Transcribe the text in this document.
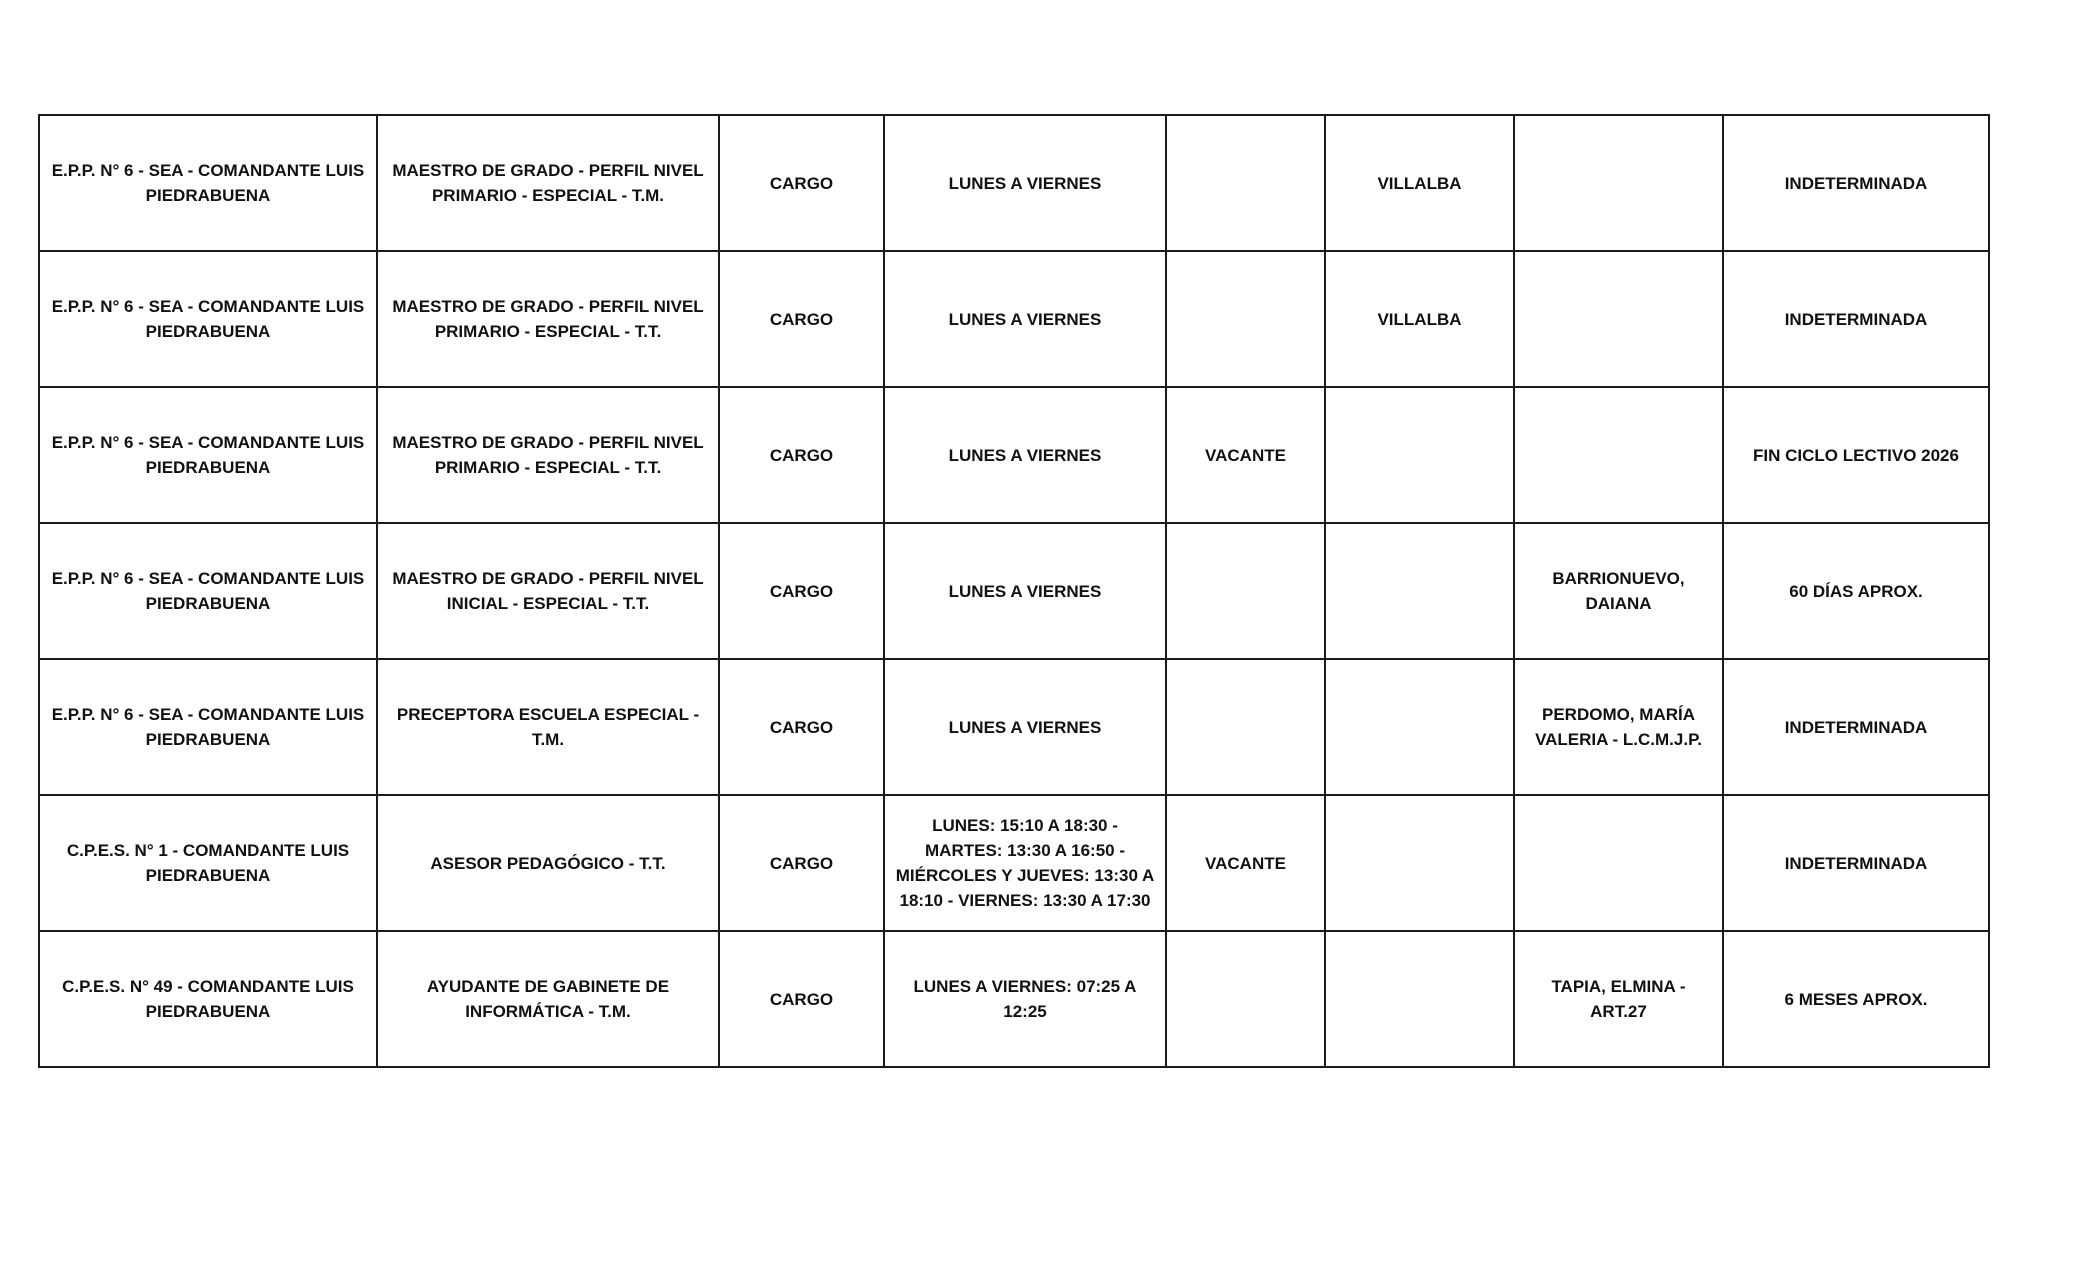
E.P.P. N° 6 - SEA - COMANDANTE LUIS PIEDRABUENA	MAESTRO DE GRADO - PERFIL NIVEL PRIMARIO - ESPECIAL - T.M.	CARGO	LUNES A VIERNES		VILLALBA		INDETERMINADA
E.P.P. N° 6 - SEA - COMANDANTE LUIS PIEDRABUENA	MAESTRO DE GRADO - PERFIL NIVEL PRIMARIO - ESPECIAL - T.T.	CARGO	LUNES A VIERNES		VILLALBA		INDETERMINADA
E.P.P. N° 6 - SEA - COMANDANTE LUIS PIEDRABUENA	MAESTRO DE GRADO - PERFIL NIVEL PRIMARIO - ESPECIAL - T.T.	CARGO	LUNES A VIERNES	VACANTE			FIN CICLO LECTIVO 2026
E.P.P. N° 6 - SEA - COMANDANTE LUIS PIEDRABUENA	MAESTRO DE GRADO - PERFIL NIVEL INICIAL - ESPECIAL - T.T.	CARGO	LUNES A VIERNES			BARRIONUEVO, DAIANA	60 DÍAS APROX.
E.P.P. N° 6 - SEA - COMANDANTE LUIS PIEDRABUENA	PRECEPTORA ESCUELA ESPECIAL - T.M.	CARGO	LUNES A VIERNES			PERDOMO, MARÍA VALERIA - L.C.M.J.P.	INDETERMINADA
C.P.E.S. N° 1 - COMANDANTE LUIS PIEDRABUENA	ASESOR PEDAGÓGICO - T.T.	CARGO	LUNES: 15:10 A 18:30 - MARTES: 13:30 A 16:50 - MIÉRCOLES Y JUEVES: 13:30 A 18:10 - VIERNES: 13:30 A 17:30	VACANTE			INDETERMINADA
C.P.E.S. N° 49 - COMANDANTE LUIS PIEDRABUENA	AYUDANTE DE GABINETE DE INFORMÁTICA - T.M.	CARGO	LUNES A VIERNES: 07:25 A 12:25			TAPIA, ELMINA - ART.27	6 MESES APROX.
